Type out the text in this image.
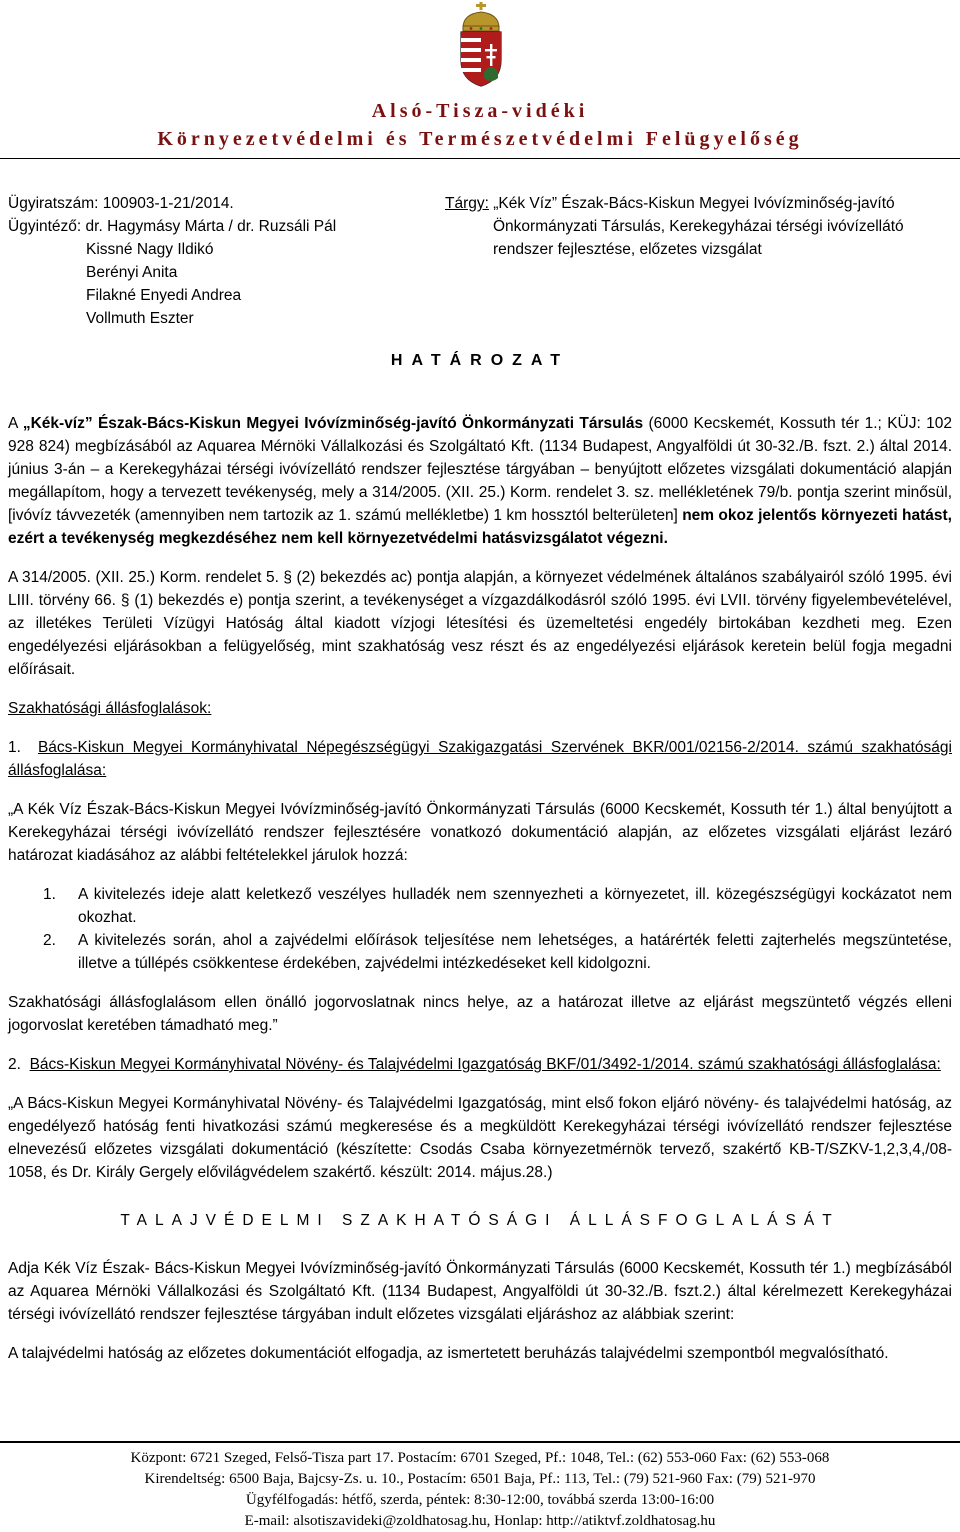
Alsó-Tisza-vidéki
Környezetvédelmi és Természetvédelmi Felügyelőség
Ügyiratszám: 100903-1-21/2014.
Ügyintéző: dr. Hagymásy Márta / dr. Ruzsáli Pál
Kissné Nagy Ildikó
Berényi Anita
Filakné Enyedi Andrea
Vollmuth Eszter
Tárgy: „Kék Víz” Észak-Bács-Kiskun Megyei Ivóvízminőség-javító
Önkormányzati Társulás, Kerekegyházai térségi ivóvízellátó
rendszer fejlesztése, előzetes vizsgálat
HATÁROZAT

A „Kék-víz” Észak-Bács-Kiskun Megyei Ivóvízminőség-javító Önkormányzati Társulás (6000 Kecskemét, Kossuth tér 1.; KÜJ: 102 928 824) megbízásából az Aquarea Mérnöki Vállalkozási és Szolgáltató Kft. (1134 Budapest, Angyalföldi út 30-32./B. fszt. 2.) által 2014. június 3-án – a Kerekegyházai térségi ivóvízellátó rendszer fejlesztése tárgyában – benyújtott előzetes vizsgálati dokumentáció alapján megállapítom, hogy a tervezett tevékenység, mely a 314/2005. (XII. 25.) Korm. rendelet 3. sz. mellékletének 79/b. pontja szerint minősül, [ivóvíz távvezeték (amennyiben nem tartozik az 1. számú mellékletbe) 1 km hossztól belterületen] nem okoz jelentős környezeti hatást, ezért a tevékenység megkezdéséhez nem kell környezetvédelmi hatásvizsgálatot végezni.

A 314/2005. (XII. 25.) Korm. rendelet 5. § (2) bekezdés ac) pontja alapján, a környezet védelmének általános szabályairól szóló 1995. évi LIII. törvény 66. § (1) bekezdés e) pontja szerint, a tevékenységet a vízgazdálkodásról szóló 1995. évi LVII. törvény figyelembevételével, az illetékes Területi Vízügyi Hatóság által kiadott vízjogi létesítési és üzemeltetési engedély birtokában kezdheti meg. Ezen engedélyezési eljárásokban a felügyelőség, mint szakhatóság vesz részt és az engedélyezési eljárások keretein belül fogja megadni előírásait.

Szakhatósági állásfoglalások:

1. Bács-Kiskun Megyei Kormányhivatal Népegészségügyi Szakigazgatási Szervének BKR/001/02156-2/2014. számú szakhatósági állásfoglalása:

„A Kék Víz Észak-Bács-Kiskun Megyei Ivóvízminőség-javító Önkormányzati Társulás (6000 Kecskemét, Kossuth tér 1.) által benyújtott a Kerekegyházai térségi ivóvízellátó rendszer fejlesztésére vonatkozó dokumentáció alapján, az előzetes vizsgálati eljárást lezáró határozat kiadásához az alábbi feltételekkel járulok hozzá:

1.	A kivitelezés ideje alatt keletkező veszélyes hulladék nem szennyezheti a környezetet, ill. közegészségügyi kockázatot nem okozhat.
2.	A kivitelezés során, ahol a zajvédelmi előírások teljesítése nem lehetséges, a határérték feletti zajterhelés megszüntetése, illetve a túllépés csökkentese érdekében, zajvédelmi intézkedéseket kell kidolgozni.

Szakhatósági állásfoglalásom ellen önálló jogorvoslatnak nincs helye, az a határozat illetve az eljárást megszüntető végzés elleni jogorvoslat keretében támadható meg.”

2. Bács-Kiskun Megyei Kormányhivatal Növény- és Talajvédelmi Igazgatóság BKF/01/3492-1/2014. számú szakhatósági állásfoglalása:

„A Bács-Kiskun Megyei Kormányhivatal Növény- és Talajvédelmi Igazgatóság, mint első fokon eljáró növény- és talajvédelmi hatóság, az engedélyező hatóság fenti hivatkozási számú megkeresése és a megküldött Kerekegyházai térségi ivóvízellátó rendszer fejlesztése elnevezésű előzetes vizsgálati dokumentáció (készítette: Csodás Csaba környezetmérnök tervező, szakértő KB-T/SZKV-1,2,3,4,/08-1058, és Dr. Király Gergely elővilágvédelem szakértő. készült: 2014. május.28.)

TALAJVÉDELMI SZAKHATÓSÁGI ÁLLÁSFOGLALÁSÁT

Adja Kék Víz Észak- Bács-Kiskun Megyei Ivóvízminőség-javító Önkormányzati Társulás (6000 Kecskemét, Kossuth tér 1.) megbízásából az Aquarea Mérnöki Vállalkozási és Szolgáltató Kft. (1134 Budapest, Angyalföldi út 30-32./B. fszt.2.) által kérelmezett Kerekegyházai térségi ivóvízellátó rendszer fejlesztése tárgyában indult előzetes vizsgálati eljáráshoz az alábbiak szerint:

A talajvédelmi hatóság az előzetes dokumentációt elfogadja, az ismertetett beruházás talajvédelmi szempontból megvalósítható.

Központ: 6721 Szeged, Felső-Tisza part 17. Postacím: 6701 Szeged, Pf.: 1048, Tel.: (62) 553-060 Fax: (62) 553-068
Kirendeltség: 6500 Baja, Bajcsy-Zs. u. 10., Postacím: 6501 Baja, Pf.: 113, Tel.: (79) 521-960 Fax: (79) 521-970
Ügyfélfogadás: hétfő, szerda, péntek: 8:30-12:00, továbbá szerda 13:00-16:00
E-mail: alsotiszavideki@zoldhatosag.hu, Honlap: http://atiktvf.zoldhatosag.hu
